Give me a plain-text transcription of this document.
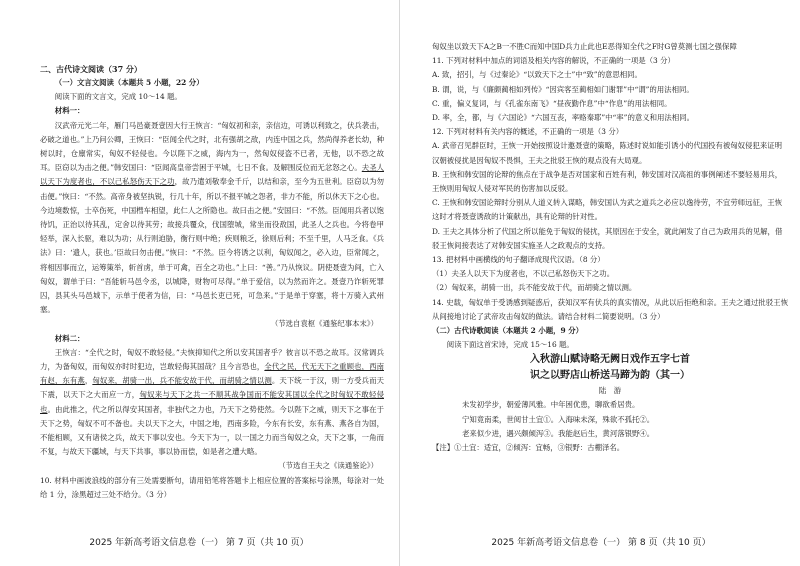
二、古代诗文阅读（37 分）

（一）文言文阅读（本题共 5 小题，22 分）

阅读下面的文言文，完成 10～14 题。

材料一：

汉武帝元光二年，雁门马邑豪聂壹因大行王恢言：“匈奴初和亲，亲信边，可诱以利致之，伏兵袭击，必破之道也。”上乃问公卿，王恢曰：“臣闻全代之时，北有强胡之敌，内连中国之兵，然尚得养老长幼，种树以时，仓廪常实，匈奴不轻侵也。今以陛下之威，海内为一，然匈奴侵盗不已者，无他，以不恐之故耳。臣窃以为击之便。”韩安国曰：“臣闻高皇帝尝困于平城，七日不食。及解围反位而无忿怒之心。夫圣人以天下为度者也，不以己私怒伤天下之功，故乃遣刘敬奉金千斤，以结和亲，至今为五世利。臣窃以为勿击便。”恢曰：“不然。高帝身被坚执锐，行几十年，所以不报平城之怨者，非力不能，所以休天下之心也。今边境数惊，士卒伤死，中国槥车相望，此仁人之所隐也。故曰击之便。”安国曰：“不然。臣闻用兵者以饱待饥，正治以待其乱，定舍以待其劳；故接兵覆众，伐国堕城，常坐而役敌国，此圣人之兵也。今将卷甲轻举，深入长驱，难以为功；从行则迫胁，衡行则中绝；疾则粮乏，徐则后利；不至千里，人马乏食。《兵法》曰：‘遗人，获也。’臣故曰勿击便。”恢曰：“不然。臣今将诱之以利，匈奴闻之，必入边，臣常闻之，将相因事而立，运筹策举，斩首虏，单于可禽，百全之功也。”上曰：“善。”乃从恢议。阴使聂壹为间，亡入匈奴，谓单于曰：“吾能斩马邑令丞，以城降，财物可尽得。”单于爱信，以为然而许之。聂壹乃诈斩死罪囚，县其头马邑城下，示单于使者为信，曰：“马邑长吏已死，可急来。”于是单于穿塞，将十万骑入武州塞。

（节选自袁枢《通鉴纪事本末》）

材料二：

王恢言：“全代之时，匈奴不敢轻侵。”夫恢抑知代之所以安其国者乎？彼言以不恐之故耳。汉常调兵力，为备匈奴，而匈奴亦时时犯边，岂敢轻侮其国哉？且今言恐也，全代之民，代无天下之重顾也，西南有赵，东有燕，匈奴来，胡骑一出，兵不能安故于代，而胡骑之情以测。天下统一于汉，则一方受兵而天下震，以天下之大而应一方，匈奴来与天下之共一不顺其战争国而不能安其国以全代之时匈奴不敢轻侵也。由此推之，代之所以得安其国者，非独代之力也，乃天下之势使然。今以陛下之威，则天下之事在于天下之势，匈奴不可不备也。夫以天下之大，中国之地，西南多险，今东有长安，东有燕、燕各自为国，不能相顾，又有诸侯之兵，故天下事以安也。今天下为一，以一国之力而当匈奴之众，天下之事，一角而不复，与故天下疆域，与天下共事，事以协而偿，如是者之遭大略。

（节选自王夫之《读通鉴论》）

10. 材料中画波浪线的部分有三处需要断句，请用铅笔将答题卡上相应位置的答案标号涂黑，每涂对一处给 1 分，涂黑超过三处不给分。（3 分）

2025 年新高考语文信息卷（一） 第 7 页（共 10 页）

匈奴坐以致天下A之B一不胜C而知中国D兵力止此也E恶得知全代之F时G曾莫测七国之强保障

11. 下列对材料中加点的词语及相关内容的解说，不正确的一项是（3 分）

A. 致，招引，与《过秦论》“以致天下之士”中“致”的意思相同。

B. 谓，说，与《廉颇蔺相如列传》“因宾客至蔺相如门谢罪”中“谓”的用法相同。

C. 重，偏义复词，与《孔雀东南飞》“昼夜勤作息”中“作息”的用法相同。

D. 率，全，都，与《六国论》“六国互丧，率赂秦耶”中“率”的意义和用法相同。

12. 下列对材料有关内容的概述，不正确的一项是（3 分）

A. 武帝召见群臣时，王恢一开始按照设计邀聂壹的策略，陈述时说如能引诱小的代国投有被匈奴侵犯来证明汉朝被侵扰是因匈奴不畏惧，王夫之批驳王恢的观点没有大局观。

B. 王恢和韩安国的论辩的焦点在于战争是否对国家和百姓有利，韩安国对汉高祖的事例阐述不要轻易用兵，王恢则用匈奴人侵对军民的伤害加以反驳。

C. 王恢和韩安国论辩时分别从人道义转入谋略，韩安国认为武之道兵之必应以逸待劳，不宜劳师远征，王恢这时才将聂壹诱敌的计策献出，具有论辩的针对性。

D. 王夫之具体分析了代国之所以能免于匈奴的侵扰，其原因在于安全，就此阐发了自己为政用兵的见解，借驳王恢间接表达了对韩安国实施圣人之政观点的支持。

13. 把材料中画横线的句子翻译成现代汉语。（8 分）

（1）夫圣人以天下为度者也，不以己私怒伤天下之功。

（2）匈奴来，胡骑一出，兵不能安故于代，而胡骑之情以测。

14. 史载，匈奴单于受诱感到疑惑后，获知汉军有伏兵的真实情况，从此以后拒绝和亲。王夫之通过批驳王恢从间接地讨论了武帝攻击匈奴的做法。请结合材料二简要说明。（3 分）

（二）古代诗歌阅读（本题共 2 小题，9 分）

阅读下面这首宋诗，完成 15～16 题。

入秋游山赋诗略无阙日戏作五字七首

识之以野店山桥送马蹄为韵（其一）

陆　游

未发初学步，朝爱薄风雅。中年困优患，聊欲希居贵。

宁知竟南柔，世阅甘土宜①。入海味未深，殊欲不孤托②。

老来似少进，遇兴颇倾泻③。我能赵后生，黄河落银野④。

【注】①土宜：适宜，②倾泻：宜畅，③银野：古棚泽名。

2025 年新高考语文信息卷（一） 第 8 页（共 10 页）
